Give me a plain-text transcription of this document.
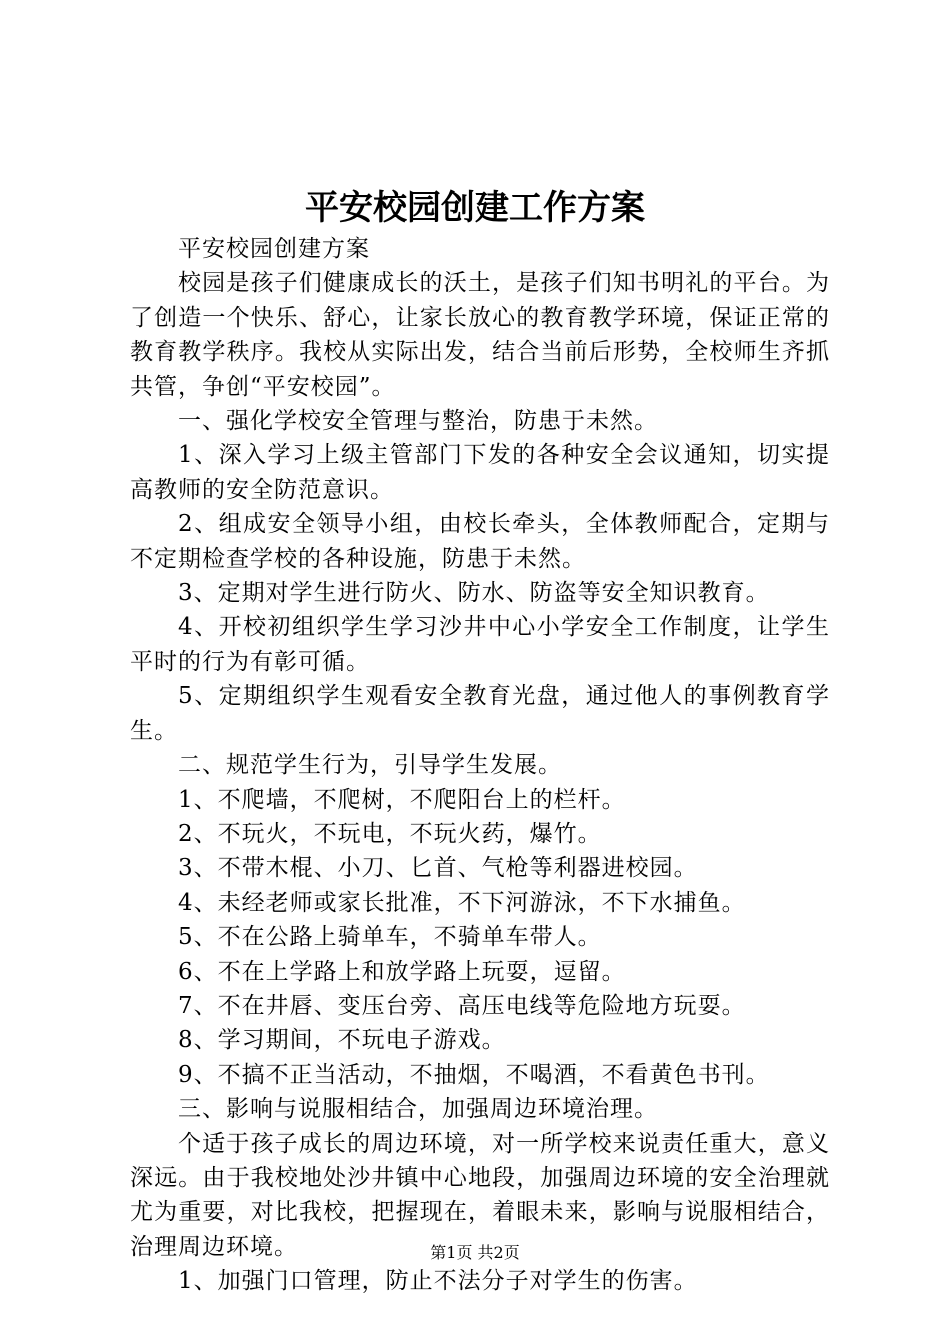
平安校园创建工作方案

平安校园创建方案

校园是孩子们健康成长的沃土，是孩子们知书明礼的平台。为了创造一个快乐、舒心，让家长放心的教育教学环境，保证正常的教育教学秩序。我校从实际出发，结合当前后形势，全校师生齐抓共管，争创“平安校园”。

一、强化学校安全管理与整治，防患于未然。

1、深入学习上级主管部门下发的各种安全会议通知，切实提高教师的安全防范意识。

2、组成安全领导小组，由校长牵头，全体教师配合，定期与不定期检查学校的各种设施，防患于未然。

3、定期对学生进行防火、防水、防盗等安全知识教育。

4、开校初组织学生学习沙井中心小学安全工作制度，让学生平时的行为有彰可循。

5、定期组织学生观看安全教育光盘，通过他人的事例教育学生。

二、规范学生行为，引导学生发展。

1、不爬墙，不爬树，不爬阳台上的栏杆。

2、不玩火，不玩电，不玩火药，爆竹。

3、不带木棍、小刀、匕首、气枪等利器进校园。

4、未经老师或家长批准，不下河游泳，不下水捕鱼。

5、不在公路上骑单车，不骑单车带人。

6、不在上学路上和放学路上玩耍，逗留。

7、不在井唇、变压台旁、高压电线等危险地方玩耍。

8、学习期间，不玩电子游戏。

9、不搞不正当活动，不抽烟，不喝酒，不看黄色书刊。

三、影响与说服相结合，加强周边环境治理。

个适于孩子成长的周边环境，对一所学校来说责任重大，意义深远。由于我校地处沙井镇中心地段，加强周边环境的安全治理就尤为重要，对比我校，把握现在，着眼未来，影响与说服相结合，治理周边环境。

1、加强门口管理，防止不法分子对学生的伤害。

第1页 共2页
